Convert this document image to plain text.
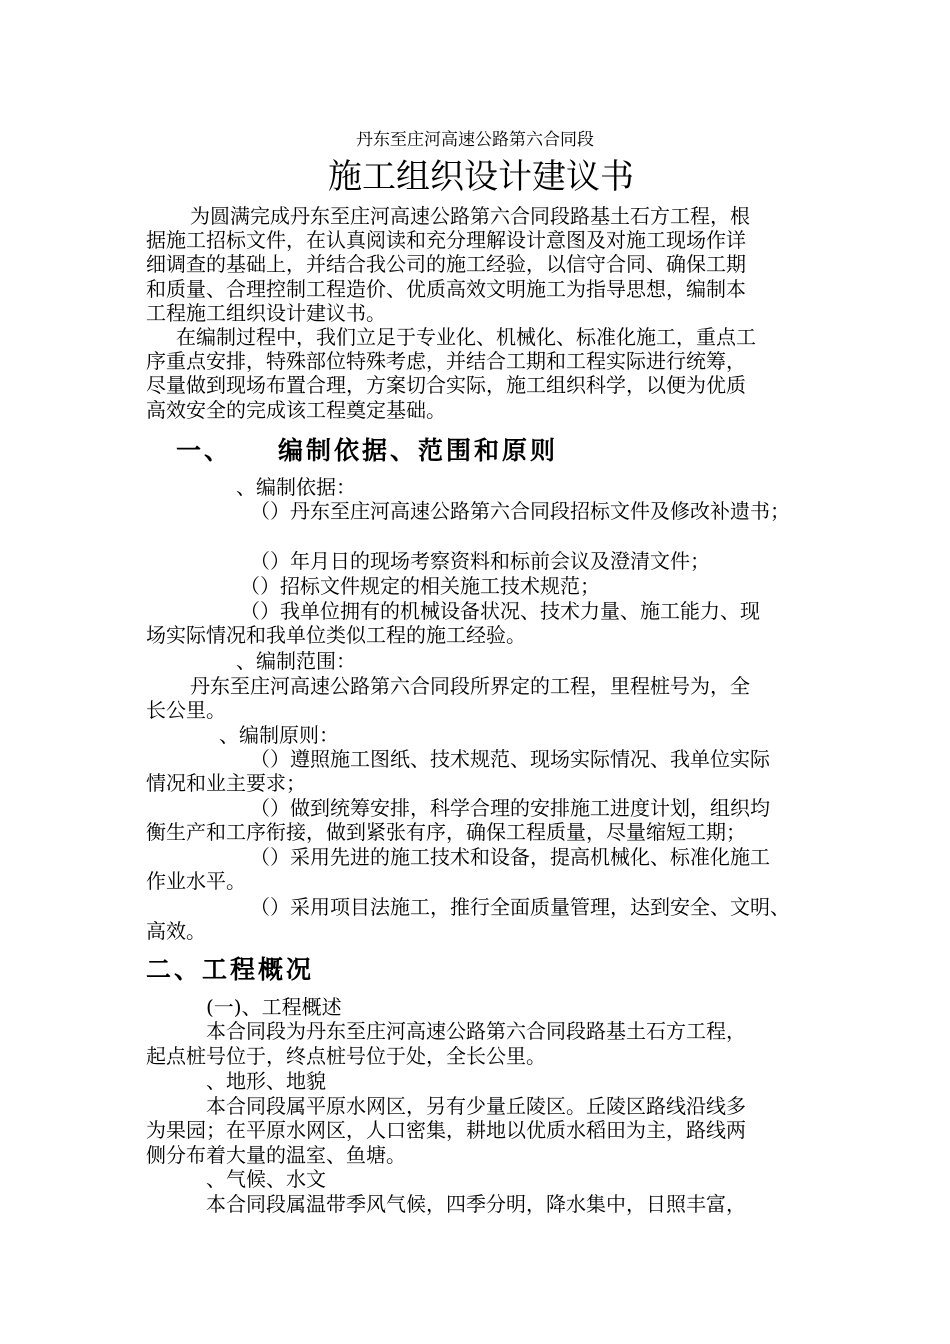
丹东至庄河高速公路第六合同段
施工组织设计建议书
为圆满完成丹东至庄河高速公路第六合同段路基土石方工程，根
据施工招标文件，在认真阅读和充分理解设计意图及对施工现场作详
细调查的基础上，并结合我公司的施工经验，以信守合同、确保工期
和质量、合理控制工程造价、优质高效文明施工为指导思想，编制本
工程施工组织设计建议书。
在编制过程中，我们立足于专业化、机械化、标准化施工，重点工
序重点安排，特殊部位特殊考虑，并结合工期和工程实际进行统筹，
尽量做到现场布置合理，方案切合实际，施工组织科学，以便为优质
高效安全的完成该工程奠定基础。
一、 编制依据、范围和原则
、编制依据：
（）丹东至庄河高速公路第六合同段招标文件及修改补遗书；
（）年月日的现场考察资料和标前会议及澄清文件；
（）招标文件规定的相关施工技术规范；
（）我单位拥有的机械设备状况、技术力量、施工能力、现
场实际情况和我单位类似工程的施工经验。
、编制范围：
丹东至庄河高速公路第六合同段所界定的工程，里程桩号为，全
长公里。
、编制原则：
（）遵照施工图纸、技术规范、现场实际情况、我单位实际
情况和业主要求；
（）做到统筹安排，科学合理的安排施工进度计划，组织均
衡生产和工序衔接，做到紧张有序，确保工程质量，尽量缩短工期；
（）采用先进的施工技术和设备，提高机械化、标准化施工
作业水平。
（）采用项目法施工，推行全面质量管理，达到安全、文明、
高效。
二、工程概况
(一)、工程概述
本合同段为丹东至庄河高速公路第六合同段路基土石方工程，
起点桩号位于，终点桩号位于处，全长公里。
、地形、地貌
本合同段属平原水网区，另有少量丘陵区。丘陵区路线沿线多
为果园；在平原水网区，人口密集，耕地以优质水稻田为主，路线两
侧分布着大量的温室、鱼塘。
、气候、水文
本合同段属温带季风气候，四季分明，降水集中，日照丰富，
